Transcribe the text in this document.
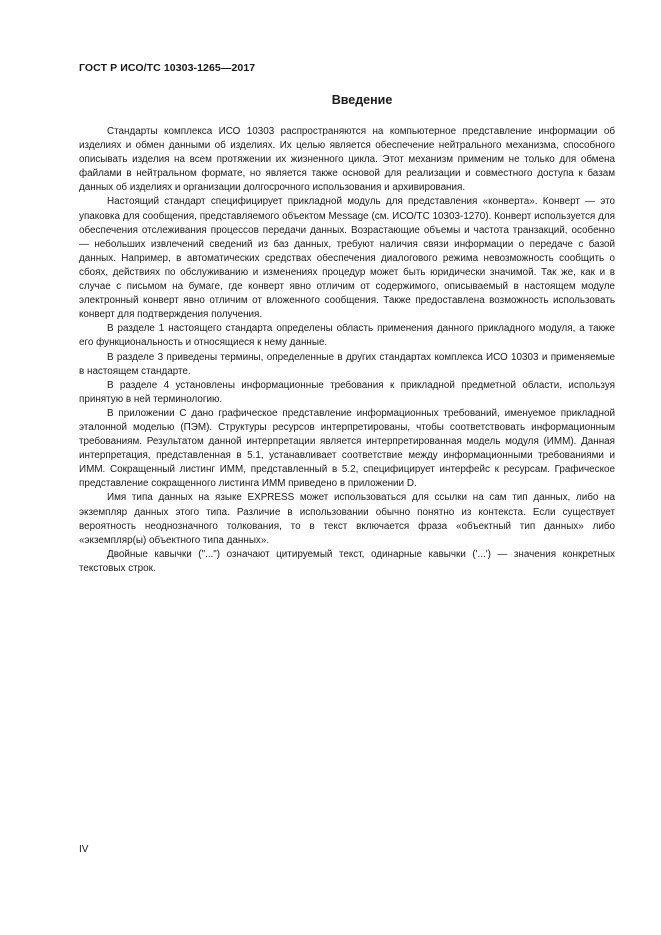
ГОСТ Р ИСО/ТС 10303-1265—2017
Введение

Стандарты комплекса ИСО 10303 распространяются на компьютерное представление информации об изделиях и обмен данными об изделиях. Их целью является обеспечение нейтрального механизма, способного описывать изделия на всем протяжении их жизненного цикла. Этот механизм применим не только для обмена файлами в нейтральном формате, но является также основой для реализации и совместного доступа к базам данных об изделиях и организации долгосрочного использования и архивирования.

Настоящий стандарт специфицирует прикладной модуль для представления «конверта». Конверт — это упаковка для сообщения, представляемого объектом Message (см. ИСО/ТС 10303-1270). Конверт используется для обеспечения отслеживания процессов передачи данных. Возрастающие объемы и частота транзакций, особенно — небольших извлечений сведений из баз данных, требуют наличия связи информации о передаче с базой данных. Например, в автоматических средствах обеспечения диалогового режима невозможность сообщить о сбоях, действиях по обслуживанию и изменениях процедур может быть юридически значимой. Так же, как и в случае с письмом на бумаге, где конверт явно отличим от содержимого, описываемый в настоящем модуле электронный конверт явно отличим от вложенного сообщения. Также предоставлена возможность использовать конверт для подтверждения получения.

В разделе 1 настоящего стандарта определены область применения данного прикладного модуля, а также его функциональность и относящиеся к нему данные.

В разделе 3 приведены термины, определенные в других стандартах комплекса ИСО 10303 и применяемые в настоящем стандарте.

В разделе 4 установлены информационные требования к прикладной предметной области, используя принятую в ней терминологию.

В приложении С дано графическое представление информационных требований, именуемое прикладной эталонной моделью (ПЭМ). Структуры ресурсов интерпретированы, чтобы соответствовать информационным требованиям. Результатом данной интерпретации является интерпретированная модель модуля (ИММ). Данная интерпретация, представленная в 5.1, устанавливает соответствие между информационными требованиями и ИММ. Сокращенный листинг ИММ, представленный в 5.2, специфицирует интерфейс к ресурсам. Графическое представление сокращенного листинга ИММ приведено в приложении D.

Имя типа данных на языке EXPRESS может использоваться для ссылки на сам тип данных, либо на экземпляр данных этого типа. Различие в использовании обычно понятно из контекста. Если существует вероятность неоднозначного толкования, то в текст включается фраза «объектный тип данных» либо «экземпляр(ы) объектного типа данных».

Двойные кавычки ("...") означают цитируемый текст, одинарные кавычки ('...') — значения конкретных текстовых строк.

IV
